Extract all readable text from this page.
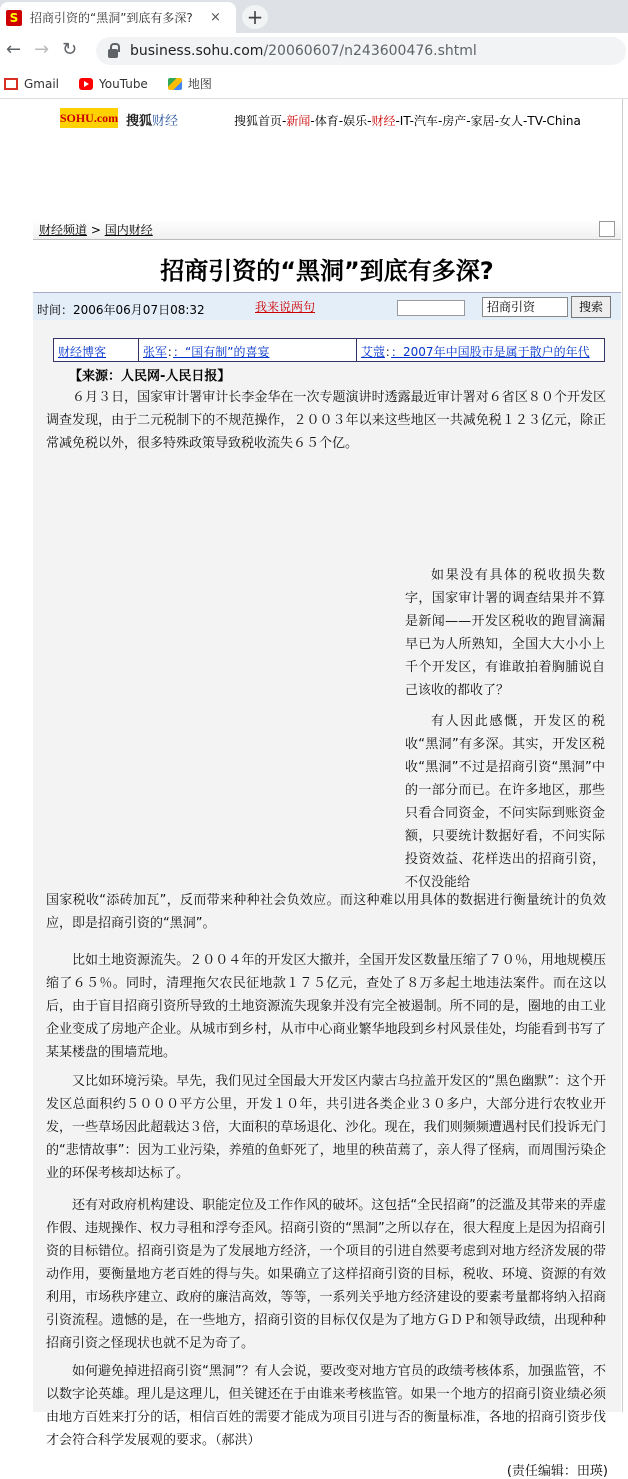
S 招商引资的“黑洞”到底有多深?	× +
← → ↻	business.sohu.com/20060607/n243600476.shtml
Gmail	YouTube	地图
SOHU.com 搜狐财经	搜狐首页-新闻-体育-娱乐-财经-IT-汽车-房产-家居-女人-TV-China
财经频道 > 国内财经
招商引资的“黑洞”到底有多深?
时间：2006年06月07日08:32	我来说两句	招商引资	搜索
财经博客	张军：：“国有制”的喜宴	艾蔻：：2007年中国股市是属于散户的年代
【来源：人民网-人民日报】

６月３日，国家审计署审计长李金华在一次专题演讲时透露最近审计署对６省区８０个开发区调查发现，由于二元税制下的不规范操作，２００３年以来这些地区一共减免税１２３亿元，除正常减免税以外，很多特殊政策导致税收流失６５个亿。

如果没有具体的税收损失数字，国家审计署的调查结果并不算是新闻——开发区税收的跑冒滴漏早已为人所熟知，全国大大小小上千个开发区，有谁敢拍着胸脯说自己该收的都收了？

有人因此感慨，开发区的税收“黑洞”有多深。其实，开发区税收“黑洞”不过是招商引资“黑洞”中的一部分而已。在许多地区，那些只看合同资金，不问实际到账资金额，只要统计数据好看，不问实际投资效益、花样迭出的招商引资，不仅没能给

国家税收“添砖加瓦”，反而带来种种社会负效应。而这种难以用具体的数据进行衡量统计的负效应，即是招商引资的“黑洞”。

比如土地资源流失。２００４年的开发区大撤并，全国开发区数量压缩了７０％，用地规模压缩了６５％。同时，清理拖欠农民征地款１７５亿元，查处了８万多起土地违法案件。而在这以后，由于盲目招商引资所导致的土地资源流失现象并没有完全被遏制。所不同的是，圈地的由工业企业变成了房地产企业。从城市到乡村，从市中心商业繁华地段到乡村风景佳处，均能看到书写了某某楼盘的围墙荒地。

又比如环境污染。早先，我们见过全国最大开发区内蒙古乌拉盖开发区的“黑色幽默”：这个开发区总面积约５０００平方公里，开发１０年，共引进各类企业３０多户，大部分进行农牧业开发，一些草场因此超载达３倍，大面积的草场退化、沙化。现在，我们则频频遭遇村民们投诉无门的“悲情故事”：因为工业污染，养殖的鱼虾死了，地里的秧苗蔫了，亲人得了怪病，而周围污染企业的环保考核却达标了。

还有对政府机构建设、职能定位及工作作风的破坏。这包括“全民招商”的泛滥及其带来的弄虚作假、违规操作、权力寻租和浮夸歪风。招商引资的“黑洞”之所以存在，很大程度上是因为招商引资的目标错位。招商引资是为了发展地方经济，一个项目的引进自然要考虑到对地方经济发展的带动作用，要衡量地方老百姓的得与失。如果确立了这样招商引资的目标，税收、环境、资源的有效利用，市场秩序建立、政府的廉洁高效，等等，一系列关乎地方经济建设的要素考量都将纳入招商引资流程。遗憾的是，在一些地方，招商引资的目标仅仅是为了地方ＧＤＰ和领导政绩，出现种种招商引资之怪现状也就不足为奇了。

如何避免掉进招商引资“黑洞”？有人会说，要改变对地方官员的政绩考核体系，加强监管，不以数字论英雄。理儿是这理儿，但关键还在于由谁来考核监管。如果一个地方的招商引资业绩必须由地方百姓来打分的话，相信百姓的需要才能成为项目引进与否的衡量标准，各地的招商引资步伐才会符合科学发展观的要求。（郝洪）

(责任编辑：田瑛)
